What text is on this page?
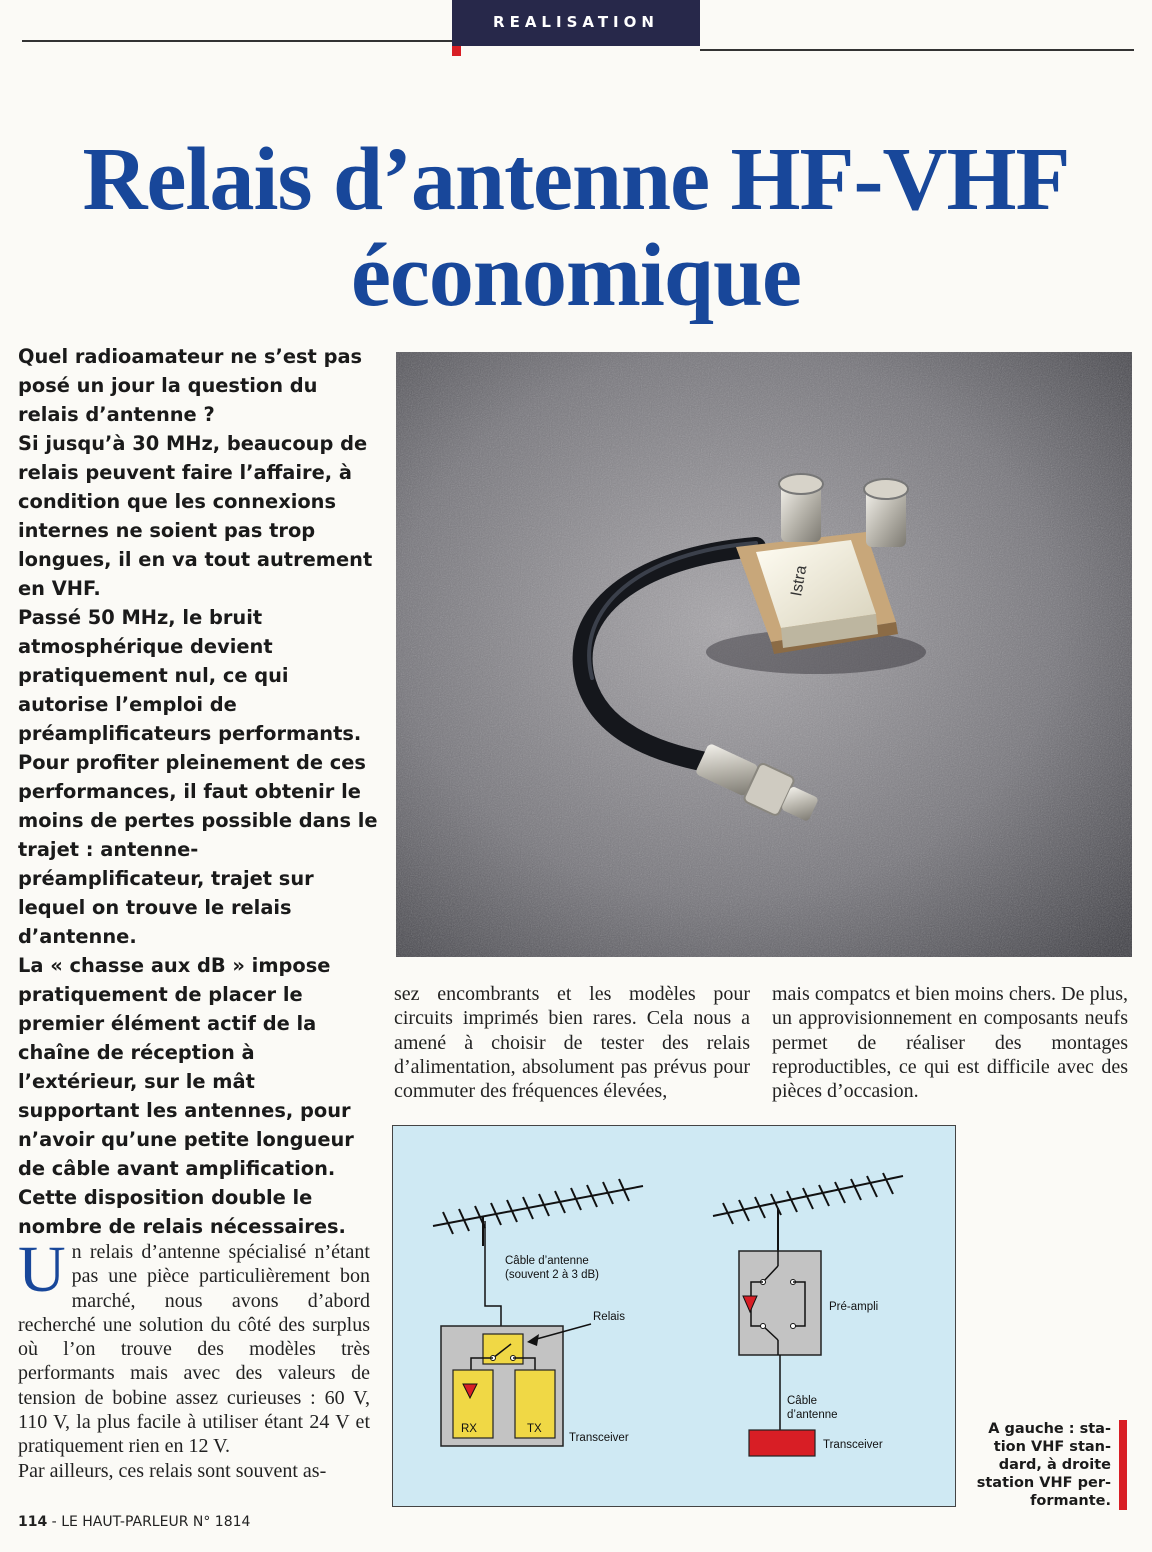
REALISATION
Relais d’antenne HF-VHF
économique

Quel radioamateur ne s’est pas posé un jour la question du relais d’antenne ?

Si jusqu’à 30 MHz, beaucoup de relais peuvent faire l’affaire, à condition que les connexions internes ne soient pas trop longues, il en va tout autrement en VHF.

Passé 50 MHz, le bruit atmosphérique devient pratiquement nul, ce qui autorise l’emploi de préamplificateurs performants. Pour profiter pleinement de ces performances, il faut obtenir le moins de pertes possible dans le trajet : antenne-préamplificateur, trajet sur lequel on trouve le relais d’antenne.

La « chasse aux dB » impose pratiquement de placer le premier élément actif de la chaîne de réception à l’extérieur, sur le mât supportant les antennes, pour n’avoir qu’une petite longueur de câble avant amplification. Cette disposition double le nombre de relais nécessaires.

Istra

Un relais d’antenne spécialisé n’étant pas une pièce particulièrement bon marché, nous avons d’abord recherché une solution du côté des surplus où l’on trouve des modèles très performants mais avec des valeurs de tension de bobine assez curieuses : 60 V, 110 V, la plus facile à utiliser étant 24 V et pratiquement rien en 12 V.

Par ailleurs, ces relais sont souvent as-

sez encombrants et les modèles pour circuits imprimés bien rares. Cela nous a amené à choisir de tester des relais d’alimentation, absolument pas prévus pour commuter des fréquences élevées,

mais compatcs et bien moins chers. De plus, un approvisionnement en composants neufs permet de réaliser des montages reproductibles, ce qui est difficile avec des pièces d’occasion.

Câble d’antenne
(souvent 2 à 3 dB)
Relais
RX	TX
Transceiver
Pré-ampli
Câble
d’antenne
Transceiver
A gauche : sta-
tion VHF stan-
dard, à droite
station VHF per-
formante.
114 - LE HAUT-PARLEUR N° 1814
